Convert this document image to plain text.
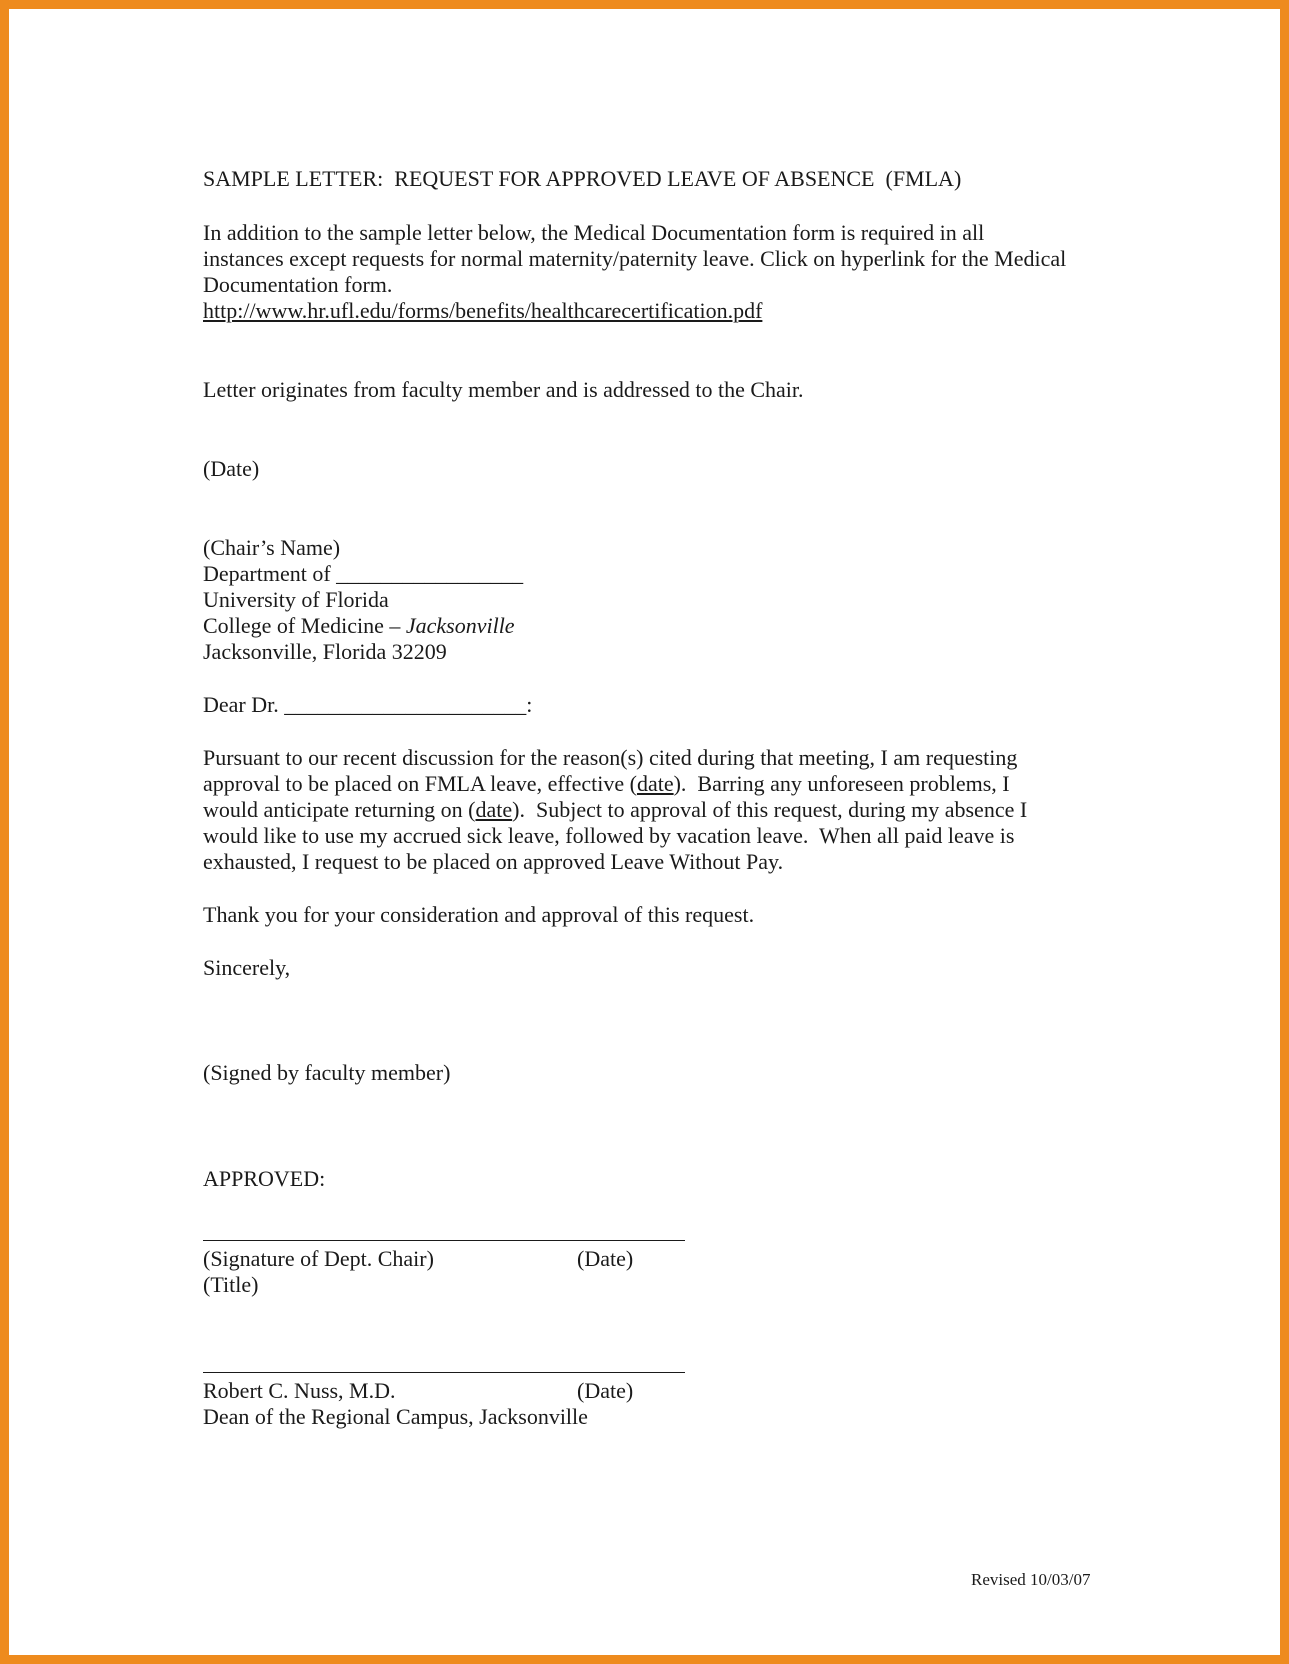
SAMPLE LETTER:  REQUEST FOR APPROVED LEAVE OF ABSENCE  (FMLA)

In addition to the sample letter below, the Medical Documentation form is required in all

instances except requests for normal maternity/paternity leave. Click on hyperlink for the Medical

Documentation form.

http://www.hr.ufl.edu/forms/benefits/healthcarecertification.pdf

Letter originates from faculty member and is addressed to the Chair.

(Date)

(Chair’s Name)

Department of _________________

University of Florida

College of Medicine – Jacksonville

Jacksonville, Florida 32209

Dear Dr. ______________________:

Pursuant to our recent discussion for the reason(s) cited during that meeting, I am requesting

approval to be placed on FMLA leave, effective (date).  Barring any unforeseen problems, I

would anticipate returning on (date).  Subject to approval of this request, during my absence I

would like to use my accrued sick leave, followed by vacation leave.  When all paid leave is

exhausted, I request to be placed on approved Leave Without Pay.

Thank you for your consideration and approval of this request.

Sincerely,

(Signed by faculty member)

APPROVED:

(Signature of Dept. Chair)	(Date)

(Title)

Robert C. Nuss, M.D.	(Date)

Dean of the Regional Campus, Jacksonville

Revised 10/03/07
